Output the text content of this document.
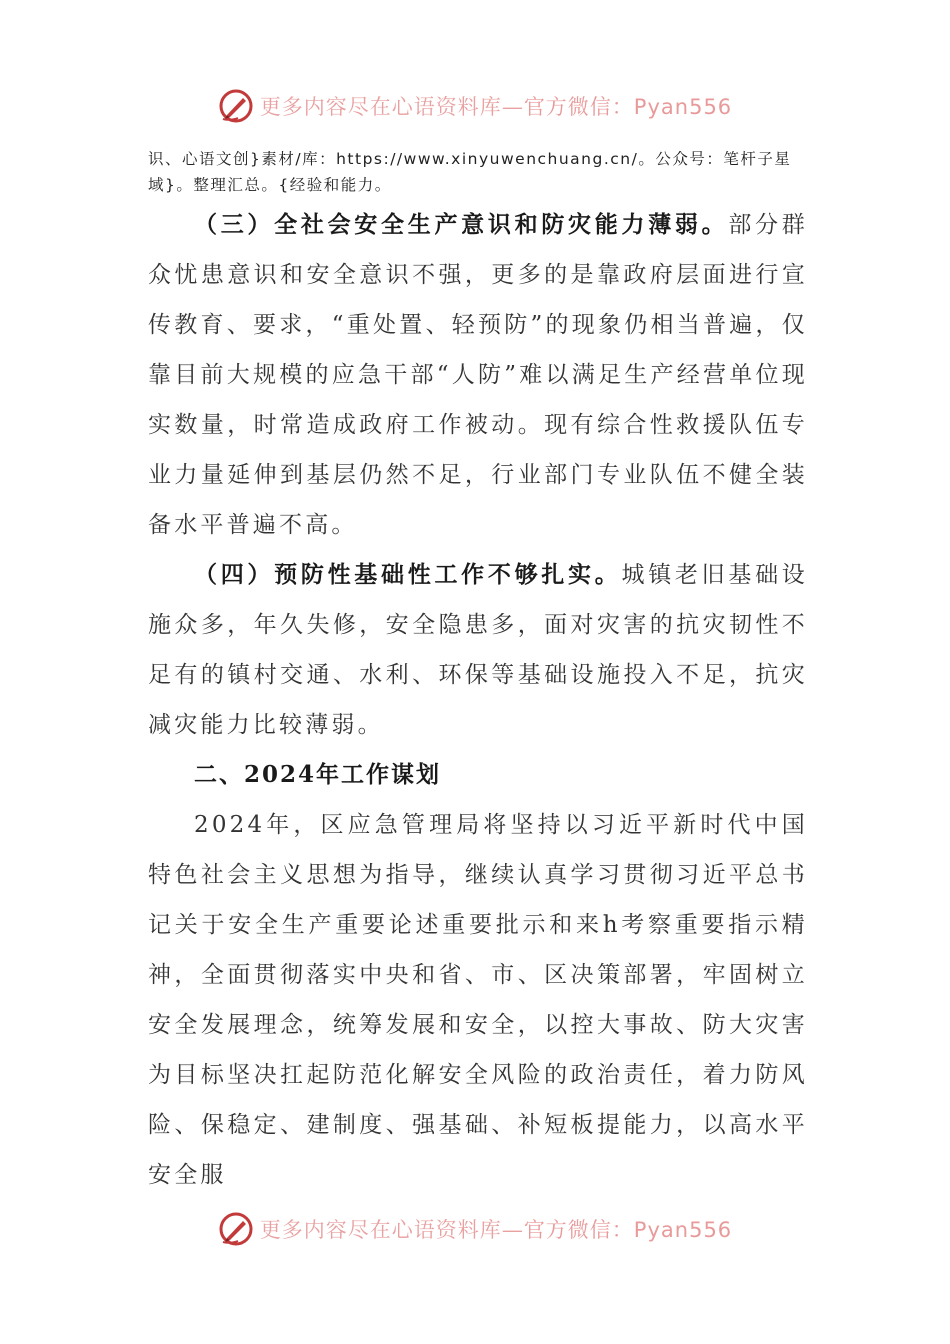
更多内容尽在心语资料库—官方微信：Pyan556
识、心语文创}素材/库：https://www.xinyuwenchuang.cn/。公众号：笔杆子星域}。整理汇总。{经验和能力。

（三）全社会安全生产意识和防灾能力薄弱。部分群众忧患意识和安全意识不强，更多的是靠政府层面进行宣传教育、要求，“重处置、轻预防”的现象仍相当普遍，仅靠目前大规模的应急干部“人防”难以满足生产经营单位现实数量，时常造成政府工作被动。现有综合性救援队伍专业力量延伸到基层仍然不足，行业部门专业队伍不健全装备水平普遍不高。

（四）预防性基础性工作不够扎实。城镇老旧基础设施众多，年久失修，安全隐患多，面对灾害的抗灾韧性不足有的镇村交通、水利、环保等基础设施投入不足，抗灾减灾能力比较薄弱。

二、2024年工作谋划

2024年，区应急管理局将坚持以习近平新时代中国特色社会主义思想为指导，继续认真学习贯彻习近平总书记关于安全生产重要论述重要批示和来h考察重要指示精神，全面贯彻落实中央和省、市、区决策部署，牢固树立安全发展理念，统筹发展和安全，以控大事故、防大灾害为目标坚决扛起防范化解安全风险的政治责任，着力防风险、保稳定、建制度、强基础、补短板提能力，以高水平安全服

更多内容尽在心语资料库—官方微信：Pyan556
